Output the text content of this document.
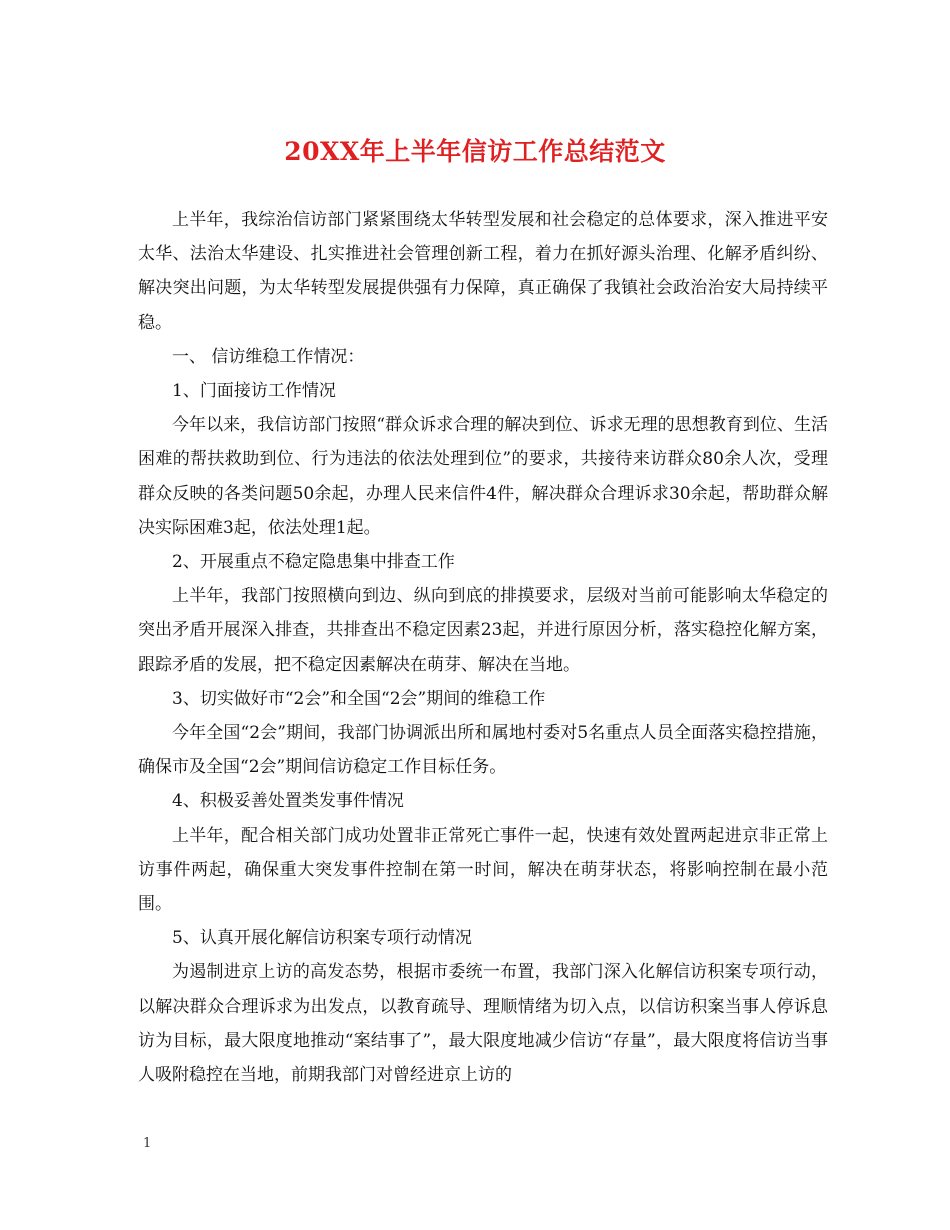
20XX年上半年信访工作总结范文

上半年，我综治信访部门紧紧围绕太华转型发展和社会稳定的总体要求，深入推进平安太华、法治太华建设、扎实推进社会管理创新工程，着力在抓好源头治理、化解矛盾纠纷、解决突出问题，为太华转型发展提供强有力保障，真正确保了我镇社会政治治安大局持续平稳。

一、 信访维稳工作情况：

1、门面接访工作情况

今年以来，我信访部门按照“群众诉求合理的解决到位、诉求无理的思想教育到位、生活困难的帮扶救助到位、行为违法的依法处理到位”的要求，共接待来访群众80余人次，受理群众反映的各类问题50余起，办理人民来信件4件，解决群众合理诉求30余起，帮助群众解决实际困难3起，依法处理1起。

2、开展重点不稳定隐患集中排查工作

上半年，我部门按照横向到边、纵向到底的排摸要求，层级对当前可能影响太华稳定的突出矛盾开展深入排查，共排查出不稳定因素23起，并进行原因分析，落实稳控化解方案，跟踪矛盾的发展，把不稳定因素解决在萌芽、解决在当地。

3、切实做好市“2会”和全国“2会”期间的维稳工作

今年全国“2会”期间，我部门协调派出所和属地村委对5名重点人员全面落实稳控措施，确保市及全国“2会”期间信访稳定工作目标任务。

4、积极妥善处置类发事件情况

上半年，配合相关部门成功处置非正常死亡事件一起，快速有效处置两起进京非正常上访事件两起，确保重大突发事件控制在第一时间，解决在萌芽状态，将影响控制在最小范围。

5、认真开展化解信访积案专项行动情况

为遏制进京上访的高发态势，根据市委统一布置，我部门深入化解信访积案专项行动，以解决群众合理诉求为出发点，以教育疏导、理顺情绪为切入点，以信访积案当事人停诉息访为目标，最大限度地推动“案结事了”，最大限度地减少信访“存量”，最大限度将信访当事人吸附稳控在当地，前期我部门对曾经进京上访的

1
